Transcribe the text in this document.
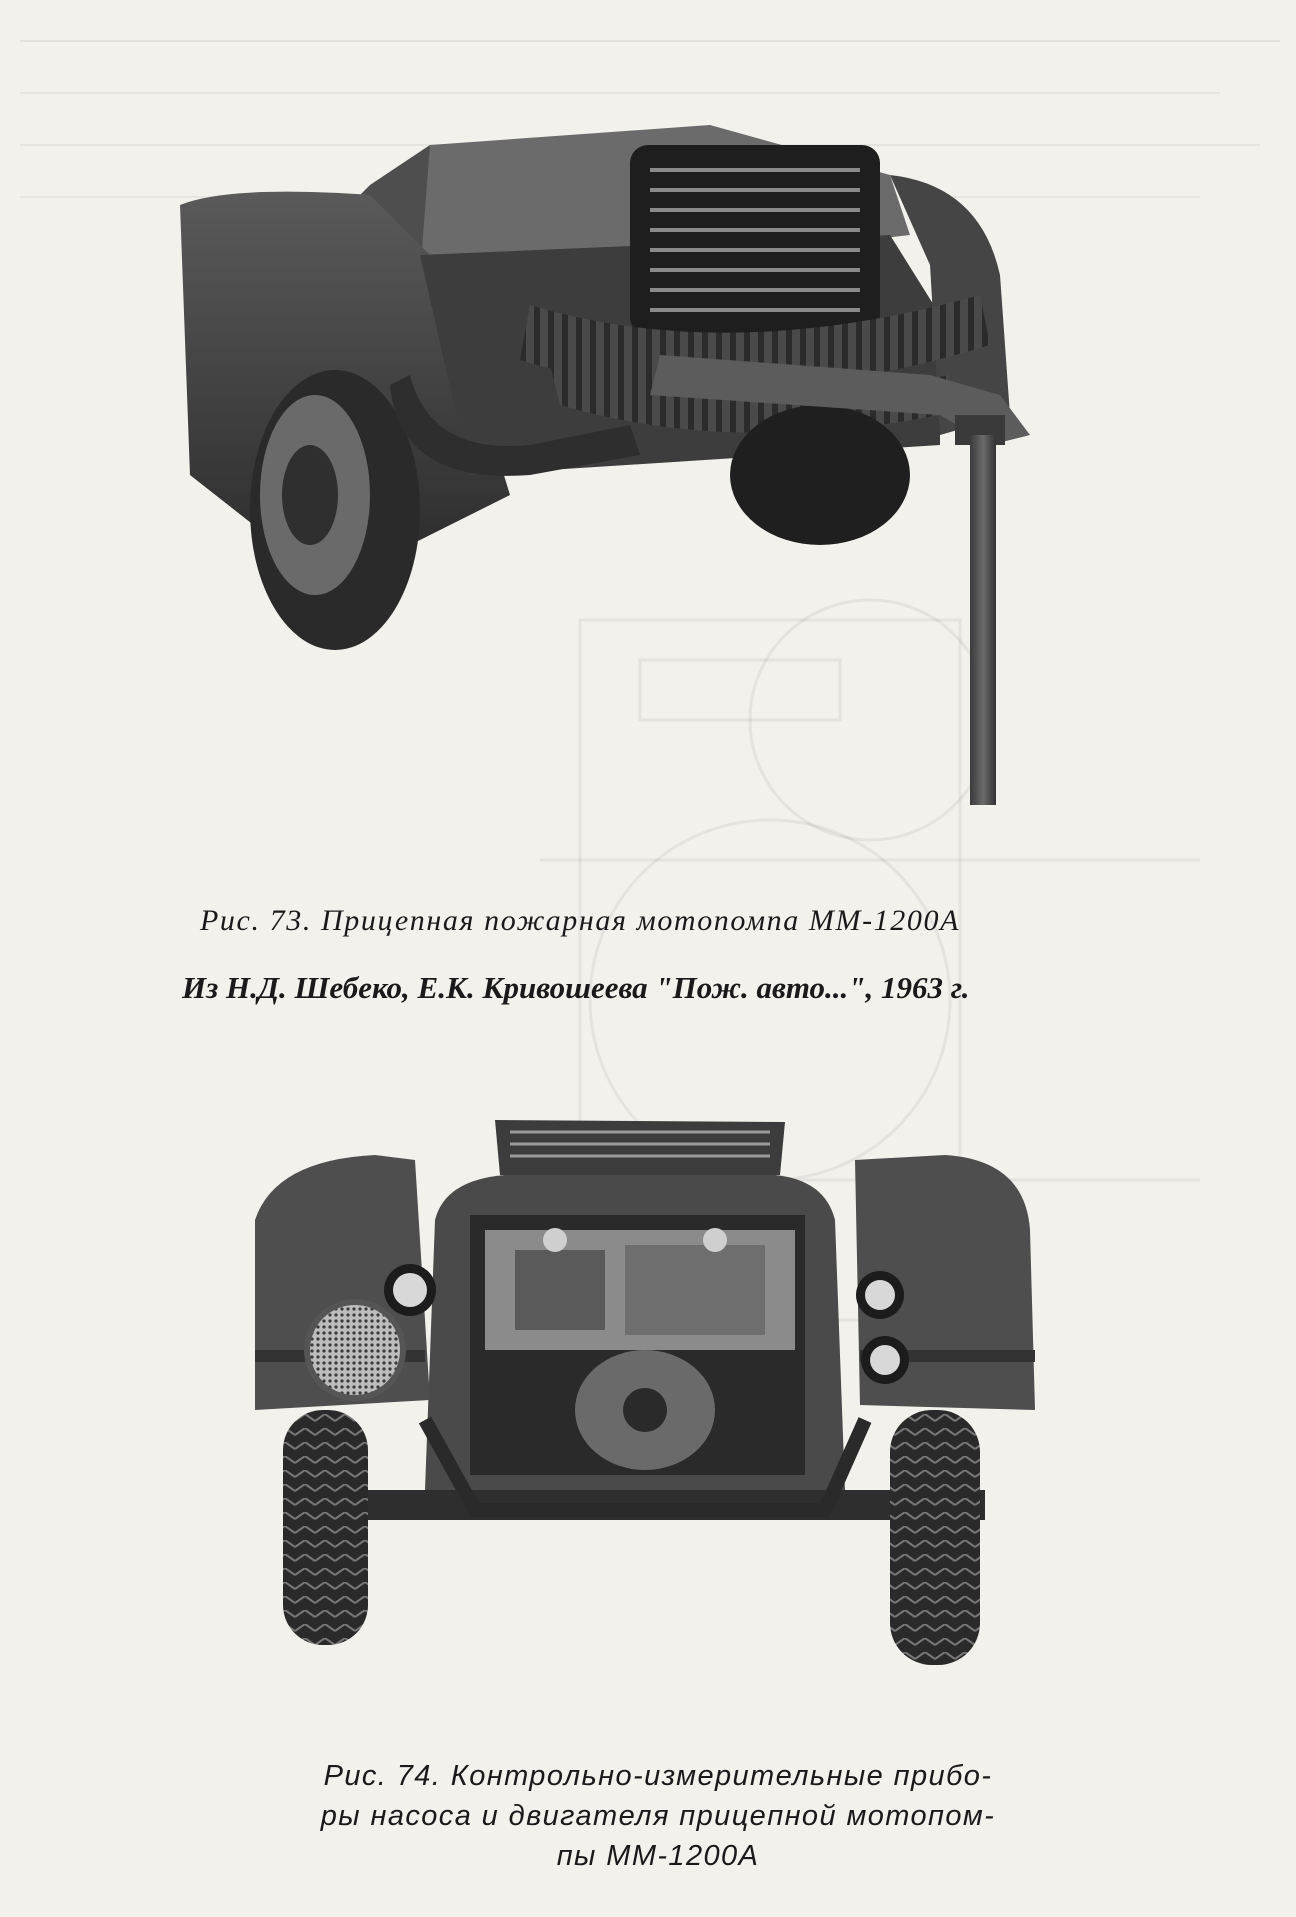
Рис. 73. Прицепная пожарная мотопомпа ММ-1200А
Из Н.Д. Шебеко, Е.К. Кривошеева "Пож. авто...", 1963 г.
Рис. 74. Контрольно-измерительные прибо-
ры насоса и двигателя прицепной мотопом-
пы ММ-1200А
